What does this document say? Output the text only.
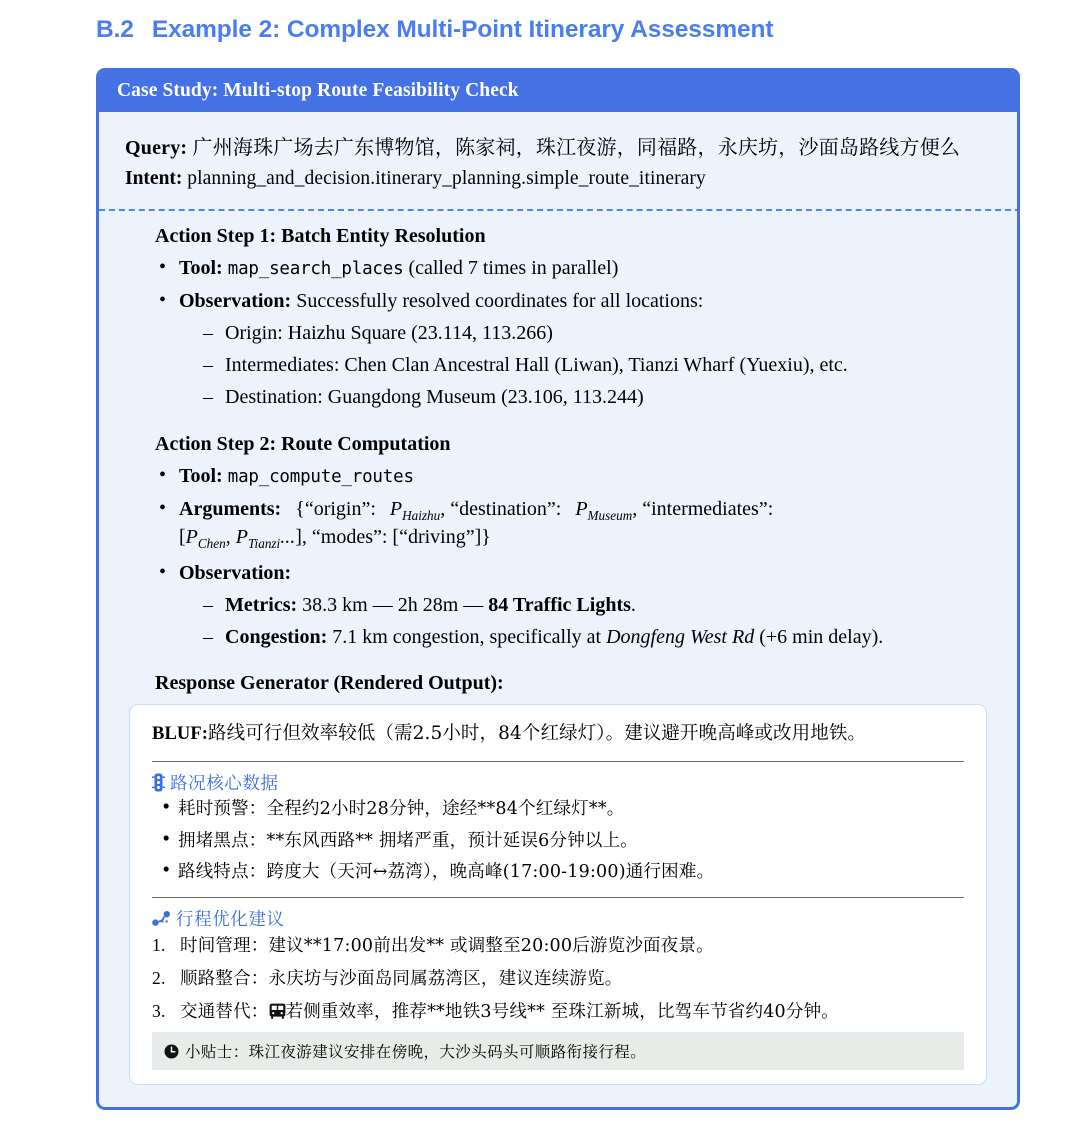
B.2 Example 2: Complex Multi-Point Itinerary Assessment
Case Study: Multi-stop Route Feasibility Check
Query: 广州海珠广场去广东博物馆，陈家祠，珠江夜游，同福路，永庆坊，沙面岛路线方便么
Intent: planning_and_decision.itinerary_planning.simple_route_itinerary
Action Step 1: Batch Entity Resolution
• Tool: map_search_places (called 7 times in parallel)
• Observation: Successfully resolved coordinates for all locations:
– Origin: Haizhu Square (23.114, 113.266)
– Intermediates: Chen Clan Ancestral Hall (Liwan), Tianzi Wharf (Yuexiu), etc.
– Destination: Guangdong Museum (23.106, 113.244)
Action Step 2: Route Computation
• Tool: map_compute_routes
• Arguments: {“origin”: $P_{Haizhu}$, “destination”: $P_{Museum}$, “intermediates”:
[$P_{Chen}$, $P_{Tianzi}$...], “modes”: [“driving”]}
• Observation:
– Metrics: 38.3 km — 2h 28m — 84 Traffic Lights.
– Congestion: 7.1 km congestion, specifically at Dongfeng West Rd (+6 min delay).
Response Generator (Rendered Output):
BLUF:路线可行但效率较低（需2.5小时，84个红绿灯）。建议避开晚高峰或改用地铁。
路况核心数据
• 耗时预警：全程约2小时28分钟，途经**84个红绿灯**。
• 拥堵黑点：**东风西路** 拥堵严重，预计延误6分钟以上。
• 路线特点：跨度大（天河↔荔湾），晚高峰(17:00-19:00)通行困难。
行程优化建议
1. 时间管理：建议**17:00前出发** 或调整至20:00后游览沙面夜景。
2. 顺路整合：永庆坊与沙面岛同属荔湾区，建议连续游览。
3. 交通替代： 若侧重效率，推荐**地铁3号线** 至珠江新城，比驾车节省约40分钟。
小贴士：珠江夜游建议安排在傍晚，大沙头码头可顺路衔接行程。
